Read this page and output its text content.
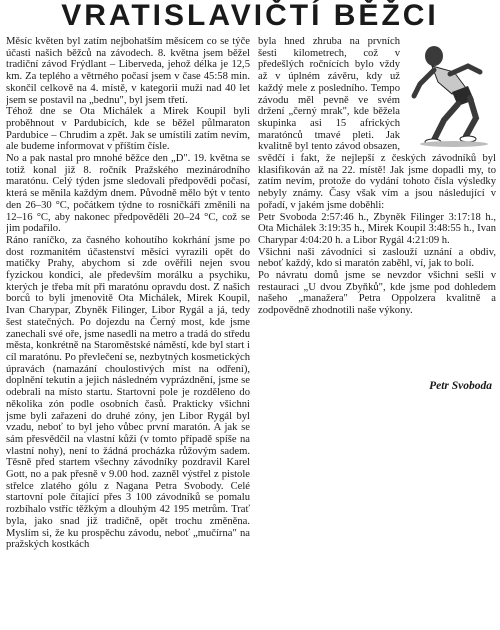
VRATISLAVIČTÍ BĚŽCI

Měsíc květen byl zatím nejbohatším měsícem co se týče účasti našich běžců na závodech. 8. května jsem běžel tradiční závod Frýdlant – Liberveda, jehož délka je 12,5 km. Za teplého a větrného počasí jsem v čase 45:58 min. skončil celkově na 4. místě, v kategorii muži nad 40 let jsem se postavil na „bednu", byl jsem třetí.

Téhož dne se Ota Michálek a Mirek Koupil byli proběhnout v Pardubicích, kde se běžel půlmaraton Pardubice – Chrudim a zpět. Jak se umístili zatím nevím, ale budeme informovat v příštím čísle.

No a pak nastal pro mnohé běžce den „D". 19. května se totiž konal již 8. ročník Pražského mezinárodního maratónu. Celý týden jsme sledovali předpovědi počasí, která se měnila každým dnem. Původně mělo být v tento den 26–30 °C, počátkem týdne to rosničkáři změnili na 12–16 °C, aby nakonec předpověděli 20–24 °C, což se jim podařilo.

Ráno raníčko, za časného kohoutího kokrhání jsme po dost rozmanitém účastenství měsíci vyrazili opět do matičky Prahy, abychom si zde ověřili nejen svou fyzickou kondici, ale především morálku a psychiku, kterých je třeba mít při maratónu opravdu dost. Z našich borců to byli jmenovitě Ota Michálek, Mirek Koupil, Ivan Charypar, Zbyněk Filinger, Libor Rygál a já, tedy šest statečných. Po dojezdu na Černý most, kde jsme zanechali své oře, jsme nasedli na metro a tradá do středu města, konkrétně na Staroměstské náměstí, kde byl start i cíl maratónu. Po převlečení se, nezbytných kosmetických úpravách (namazání choulostivých míst na odření), doplnění tekutin a jejich následném vyprázdnění, jsme se odebrali na místo startu. Startovní pole je rozděleno do několika zón podle osobních časů. Prakticky všichni jsme byli zařazeni do druhé zóny, jen Libor Rygál byl vzadu, neboť to byl jeho vůbec první maratón. A jak se sám přesvědčil na vlastní kůži (v tomto případě spíše na vlastní nohy), není to žádná procházka růžovým sadem. Těsně před startem všechny závodníky pozdravil Karel Gott, no a pak přesně v 9.00 hod. zazněl výstřel z pistole střelce zlatého gólu z Nagana Petra Svobody. Celé startovní pole čítající přes 3 100 závodníků se pomalu rozbíhalo vstříc těžkým a dlouhým 42 195 metrům. Trať byla, jako snad již tradičně, opět trochu změněna. Myslím si, že ku prospěchu závodu, neboť „mučírna" na pražských kostkách

byla hned zhruba na prvních šesti kilometrech, což v předešlých ročnících bylo vždy až v úplném závěru, kdy už každý mele z posledního. Tempo závodu měl pevně ve svém držení „černý mrak", kde běžela skupinka asi 15 afrických maratónců tmavé pleti. Jak kvalitně byl tento závod obsazen, svědčí i fakt, že nejlepší z českých závodníků byl klasifikován až na 22. místě! Jak jsme dopadli my, to zatím nevím, protože do vydání tohoto čísla výsledky nebyly známy. Časy však vím a jsou následující v pořadí, v jakém jsme doběhli:

Petr Svoboda 2:57:46 h., Zbyněk Filinger 3:17:18 h., Ota Michálek 3:19:35 h., Mirek Koupil 3:48:55 h., Ivan Charypar 4:04:20 h. a Libor Rygál 4:21:09 h.

Všichni naši závodníci si zaslouží uznání a obdiv, neboť každý, kdo si maratón zaběhl, ví, jak to bolí.

Po návratu domů jsme se nevzdor všichni sešli v restauraci „U dvou Zbyňků", kde jsme pod dohledem našeho „manažera" Petra Oppolzera kvalitně a zodpovědně zhodnotili naše výkony.

Petr Svoboda
